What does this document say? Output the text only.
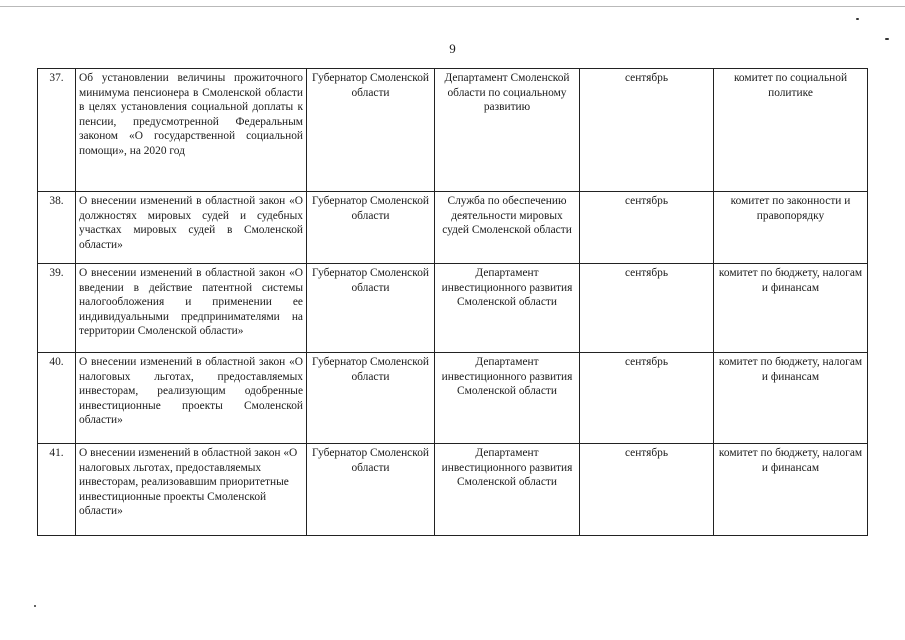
9
37.	Об установлении величины прожиточного минимума пенсионера в Смоленской области в целях установления социальной доплаты к пенсии, предусмотренной Федеральным законом «О государственной социальной помощи», на 2020 год	Губернатор Смоленской области	Департамент Смоленской области по социальному развитию	сентябрь	комитет по социальной политике
38.	О внесении изменений в областной закон «О должностях мировых судей и судебных участках мировых судей в Смоленской области»	Губернатор Смоленской области	Служба по обеспечению деятельности мировых судей Смоленской области	сентябрь	комитет по законности и правопорядку
39.	О внесении изменений в областной закон «О введении в действие патентной системы налогообложения и применении ее индивидуальными предпринимателями на территории Смоленской области»	Губернатор Смоленской области	Департамент инвестиционного развития Смоленской области	сентябрь	комитет по бюджету, налогам и финансам
40.	О внесении изменений в областной закон «О налоговых льготах, предоставляемых инвесторам, реализующим одобренные инвестиционные проекты Смоленской области»	Губернатор Смоленской области	Департамент инвестиционного развития Смоленской области	сентябрь	комитет по бюджету, налогам и финансам
41.	О внесении изменений в областной закон «О налоговых льготах, предоставляемых инвесторам, реализовавшим приоритетные инвестиционные проекты Смоленской области»	Губернатор Смоленской области	Департамент инвестиционного развития Смоленской области	сентябрь	комитет по бюджету, налогам и финансам
